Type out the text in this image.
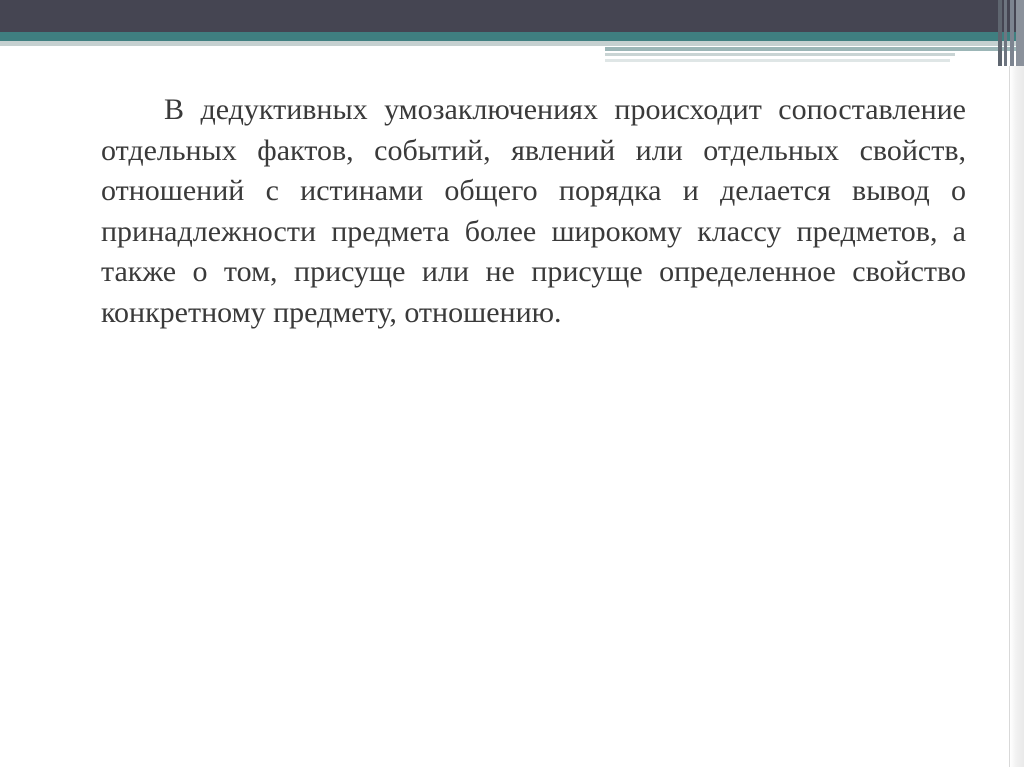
В дедуктивных умозаключениях происходит сопоставление отдельных фактов, событий, явлений или отдельных свойств, отношений с истинами общего порядка и делается вывод о принадлежности предмета более широкому классу предметов, а также о том, присуще или не присуще определенное свойство конкретному предмету, отношению.
